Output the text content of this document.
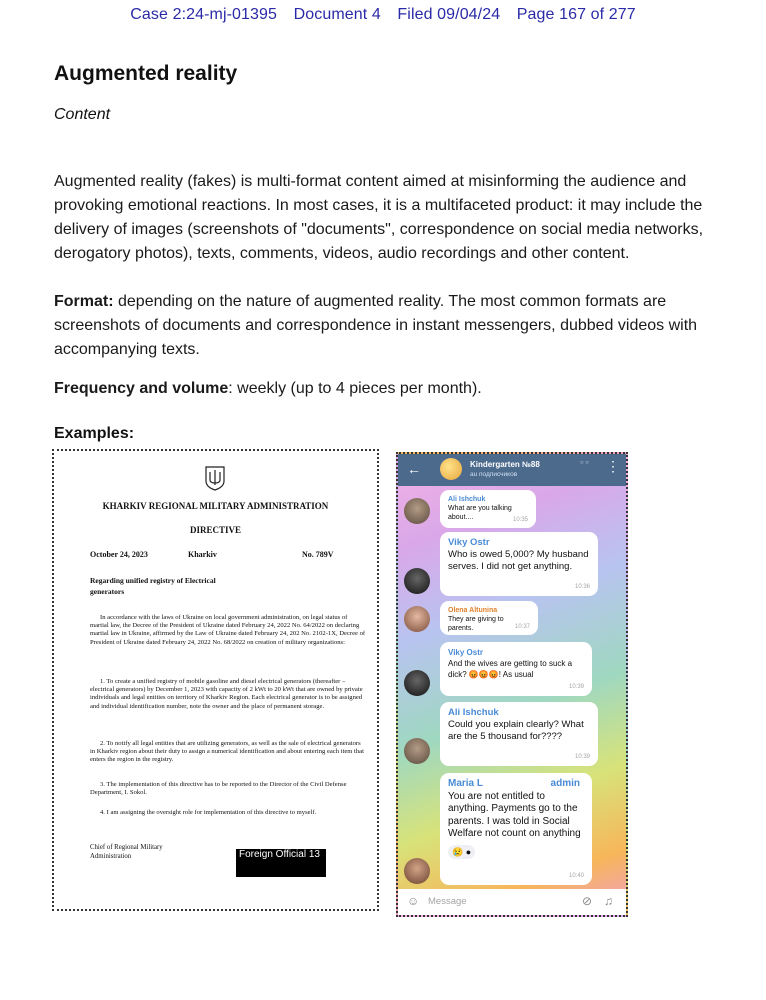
Case 2:24-mj-01395 Document 4 Filed 09/04/24 Page 167 of 277
Augmented reality
Content
Augmented reality (fakes) is multi-format content aimed at misinforming the audience and provoking emotional reactions. In most cases, it is a multifaceted product: it may include the delivery of images (screenshots of "documents", correspondence on social media networks, derogatory photos), texts, comments, videos, audio recordings and other content.
Format: depending on the nature of augmented reality. The most common formats are screenshots of documents and correspondence in instant messengers, dubbed videos with accompanying texts.
Frequency and volume: weekly (up to 4 pieces per month).
Examples:
KHARKIV REGIONAL MILITARY ADMINISTRATION
DIRECTIVE
October 24, 2023	Kharkiv	No. 789V
Regarding unified registry of Electrical generators
In accordance with the laws of Ukraine on local government administration, on legal status of martial law, the Decree of the President of Ukraine dated February 24, 2022 No. 64/2022 on declaring martial law in Ukraine, affirmed by the Law of Ukraine dated February 24, 202 No. 2102-1X, Decree of President of Ukraine dated February 24, 2022 No. 68/2022 on creation of military organizations:
1. To create a unified registry of mobile gasoline and diesel electrical generators (thereafter –electrical generators) by December 1, 2023 with capacity of 2 kWt to 20 kWt that are owned by private individuals and legal entities on territory of Kharkiv Region. Each electrical generator is to be assigned and individual identification number, note the owner and the place of permanent storage.
2. To notify all legal entities that are utilizing generators, as well as the sale of electrical generators in Kharkiv region about their duty to assign a numerical identification and about entering each item that enters the region in the registry.
3. The implementation of this directive has to be reported to the Director of the Civil Defense Department, I. Sokol.
4. I am assigning the oversight role for implementation of this directive to myself.
Chief of Regional Military Administration	Foreign Official 13
←	Kindergarten №88
au подписчиков
○ ○ ⋮
Ali Ishchuk
What are you talking about....	10:35
Viky Ostr
Who is owed 5,000? My husband serves. I did not get anything.
10:36
Olena Altunina
They are giving to parents.	10:37
Viky Ostr
And the wives are getting to suck a dick? 😡😡😡! As usual
10:39
Ali Ishchuk
Could you explain clearly? What are the 5 thousand for????
10:39
Maria L	admin
You are not entitled to anything. Payments go to the parents. I was told in Social Welfare not count on anything
😢 ●
10:40
☺ Message	⊘ ♫
